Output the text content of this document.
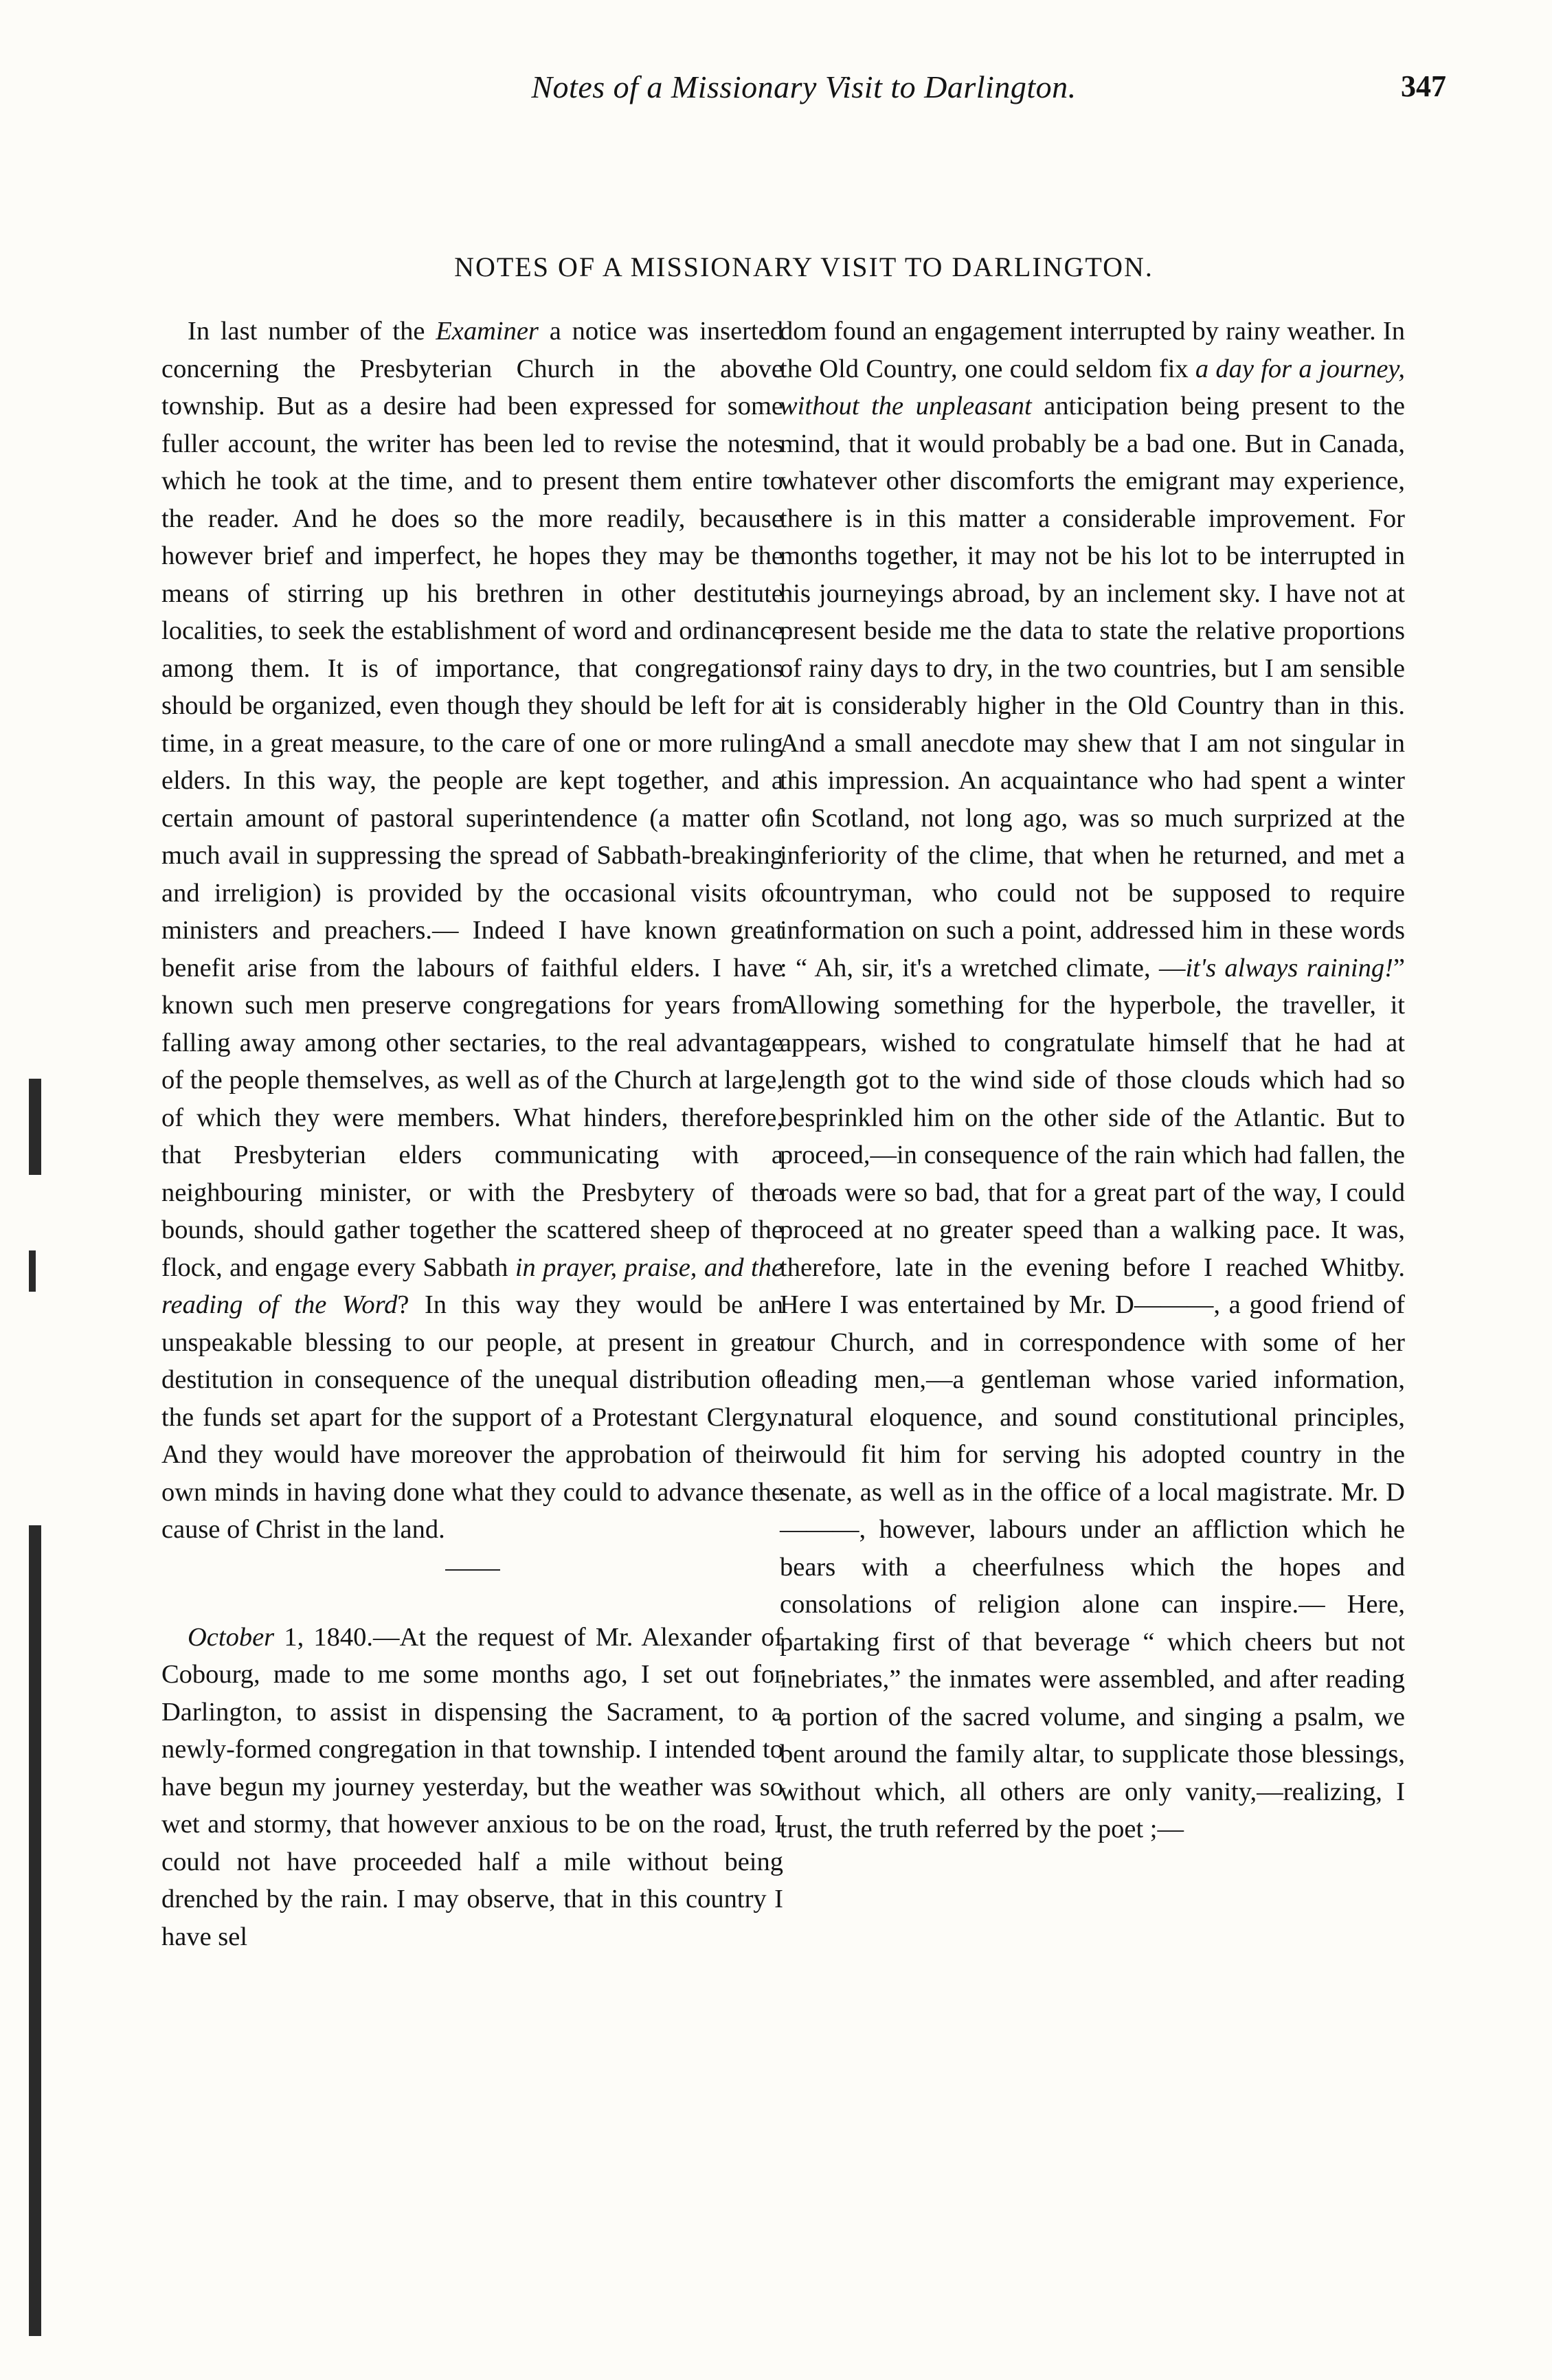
Notes of a Missionary Visit to Darlington.	347
NOTES OF A MISSIONARY VISIT TO DARLINGTON.

In last number of the Examiner a notice was inserted concerning the Presbyterian Church in the above township. But as a desire had been expressed for some fuller account, the writer has been led to revise the notes which he took at the time, and to present them entire to the reader. And he does so the more readily, because however brief and imperfect, he hopes they may be the means of stirring up his brethren in other destitute localities, to seek the establishment of word and ordinance among them. It is of importance, that congregations should be organized, even though they should be left for a time, in a great measure, to the care of one or more ruling elders. In this way, the people are kept together, and a certain amount of pastoral superintendence (a matter of much avail in suppressing the spread of Sabbath-breaking and irreligion) is provided by the occasional visits of ministers and preachers.— Indeed I have known great benefit arise from the labours of faithful elders. I have known such men preserve congregations for years from falling away among other sectaries, to the real advantage of the people themselves, as well as of the Church at large, of which they were members. What hinders, therefore, that Presbyterian elders communicating with a neighbouring minister, or with the Presbytery of the bounds, should gather together the scattered sheep of the flock, and engage every Sabbath in prayer, praise, and the reading of the Word? In this way they would be an unspeakable blessing to our people, at present in great destitution in consequence of the unequal distribution of the funds set apart for the support of a Protestant Clergy. And they would have moreover the approbation of their own minds in having done what they could to advance the cause of Christ in the land.

October 1, 1840.—At the request of Mr. Alexander of Cobourg, made to me some months ago, I set out for Darlington, to assist in dispensing the Sacrament, to a newly-formed congregation in that township. I intended to have begun my journey yesterday, but the weather was so wet and stormy, that however anxious to be on the road, I could not have proceeded half a mile without being drenched by the rain. I may observe, that in this country I have sel

dom found an engagement interrupted by rainy weather. In the Old Country, one could seldom fix a day for a journey, without the unpleasant anticipation being present to the mind, that it would probably be a bad one. But in Canada, whatever other discomforts the emigrant may experience, there is in this matter a considerable improvement. For months together, it may not be his lot to be interrupted in his journeyings abroad, by an inclement sky. I have not at present beside me the data to state the relative proportions of rainy days to dry, in the two countries, but I am sensible it is considerably higher in the Old Country than in this. And a small anecdote may shew that I am not singular in this impression. An acquaintance who had spent a winter in Scotland, not long ago, was so much surprized at the inferiority of the clime, that when he returned, and met a countryman, who could not be supposed to require information on such a point, addressed him in these words : “ Ah, sir, it's a wretched climate, —it's always raining!” Allowing something for the hyperbole, the traveller, it appears, wished to congratulate himself that he had at length got to the wind side of those clouds which had so besprinkled him on the other side of the Atlantic. But to proceed,—in consequence of the rain which had fallen, the roads were so bad, that for a great part of the way, I could proceed at no greater speed than a walking pace. It was, therefore, late in the evening before I reached Whitby. Here I was entertained by Mr. D———, a good friend of our Church, and in correspondence with some of her leading men,—a gentleman whose varied information, natural eloquence, and sound constitutional principles, would fit him for serving his adopted country in the senate, as well as in the office of a local magistrate. Mr. D———, however, labours under an affliction which he bears with a cheerfulness which the hopes and consolations of religion alone can inspire.— Here, partaking first of that beverage “ which cheers but not inebriates,” the inmates were assembled, and after reading a portion of the sacred volume, and singing a psalm, we bent around the family altar, to supplicate those blessings, without which, all others are only vanity,—realizing, I trust, the truth referred by the poet ;—
